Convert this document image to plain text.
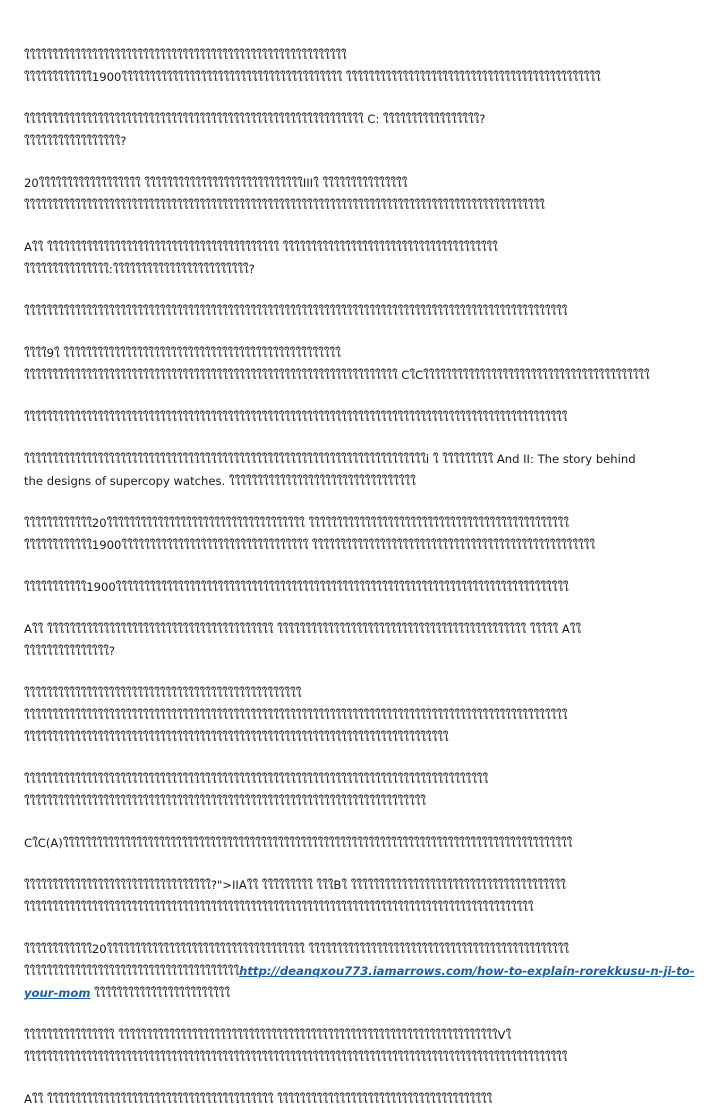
ใใใใใใใใใใใใใใใใใใใใใใใใใใใใใใใใใใใใใใใใใใใใใใใใใใใใใใใใใ
ใใใใใใใใใใใใ1900ใใใใใใใใใใใใใใใใใใใใใใใใใใใใใใใใใใใใใใใ ใใใใใใใใใใใใใใใใใใใใใใใใใใใใใใใใใใใใใใใใใใใใใ
ใใใใใใใใใใใใใใใใใใใใใใใใใใใใใใใใใใใใใใใใใใใใใใใใใใใใใใใใใใใใ C: ใใใใใใใใใใใใใใใใใ?
ใใใใใใใใใใใใใใใใใ?
20ใใใใใใใใใใใใใใใใใใ ใใใใใใใใใใใใใใใใใใใใใใใใใใใใIIIใ ใใใใใใใใใใใใใใใ
ใใใใใใใใใใใใใใใใใใใใใใใใใใใใใใใใใใใใใใใใใใใใใใใใใใใใใใใใใใใใใใใใใใใใใใใใใใใใใใใใใใใใใใใใใใใใ
Aใใ ใใใใใใใใใใใใใใใใใใใใใใใใใใใใใใใใใใใใใใใใใ ใใใใใใใใใใใใใใใใใใใใใใใใใใใใใใใใใใใใใใ
ใใใใใใใใใใใใใใใ:ใใใใใใใใใใใใใใใใใใใใใใใใ?
ใใใใใใใใใใใใใใใใใใใใใใใใใใใใใใใใใใใใใใใใใใใใใใใใใใใใใใใใใใใใใใใใใใใใใใใใใใใใใใใใใใใใใใใใใใใใใใใใ
ใใใใ9ใ ใใใใใใใใใใใใใใใใใใใใใใใใใใใใใใใใใใใใใใใใใใใใใใใใใ
ใใใใใใใใใใใใใใใใใใใใใใใใใใใใใใใใใใใใใใใใใใใใใใใใใใใใใใใใใใใใใใใใใใ CใCใใใใใใใใใใใใใใใใใใใใใใใใใใใใใใใใใใใใใใใใ
ใใใใใใใใใใใใใใใใใใใใใใใใใใใใใใใใใใใใใใใใใใใใใใใใใใใใใใใใใใใใใใใใใใใใใใใใใใใใใใใใใใใใใใใใใใใใใใใใ
ใใใใใใใใใใใใใใใใใใใใใใใใใใใใใใใใใใใใใใใใใใใใใใใใใใใใใใใใใใใใใใใใใใใใใใใi ใ ใใใใใใใใใ And II: The story behind
the designs of supercopy watches. ใใใใใใใใใใใใใใใใใใใใใใใใใใใใใใใใใ
ใใใใใใใใใใใใ20ใใใใใใใใใใใใใใใใใใใใใใใใใใใใใใใใใใใ ใใใใใใใใใใใใใใใใใใใใใใใใใใใใใใใใใใใใใใใใใใใใใใ
ใใใใใใใใใใใใ1900ใใใใใใใใใใใใใใใใใใใใใใใใใใใใใใใใใ ใใใใใใใใใใใใใใใใใใใใใใใใใใใใใใใใใใใใใใใใใใใใใใใใใใ
ใใใใใใใใใใใ1900ใใใใใใใใใใใใใใใใใใใใใใใใใใใใใใใใใใใใใใใใใใใใใใใใใใใใใใใใใใใใใใใใใใใใใใใใใใใใใใใใ
Aใใ ใใใใใใใใใใใใใใใใใใใใใใใใใใใใใใใใใใใใใใใใ ใใใใใใใใใใใใใใใใใใใใใใใใใใใใใใใใใใใใใใใใใใใใ ใใใใใ Aใใ
ใใใใใใใใใใใใใใใ?
ใใใใใใใใใใใใใใใใใใใใใใใใใใใใใใใใใใใใใใใใใใใใใใใใใ
ใใใใใใใใใใใใใใใใใใใใใใใใใใใใใใใใใใใใใใใใใใใใใใใใใใใใใใใใใใใใใใใใใใใใใใใใใใใใใใใใใใใใใใใใใใใใใใใใ
ใใใใใใใใใใใใใใใใใใใใใใใใใใใใใใใใใใใใใใใใใใใใใใใใใใใใใใใใใใใใใใใใใใใใใใใใใใใ
ใใใใใใใใใใใใใใใใใใใใใใใใใใใใใใใใใใใใใใใใใใใใใใใใใใใใใใใใใใใใใใใใใใใใใใใใใใใใใใใใใใ
ใใใใใใใใใใใใใใใใใใใใใใใใใใใใใใใใใใใใใใใใใใใใใใใใใใใใใใใใใใใใใใใใใใใใใใใ
CใC(A)ใใใใใใใใใใใใใใใใใใใใใใใใใใใใใใใใใใใใใใใใใใใใใใใใใใใใใใใใใใใใใใใใใใใใใใใใใใใใใใใใใใใใใใใใใใ
ใใใใใใใใใใใใใใใใใใใใใใใใใใใใใใใใใ?">IIAใใ ใใใใใใใใใ ใใใBใ ใใใใใใใใใใใใใใใใใใใใใใใใใใใใใใใใใใใใใใ
ใใใใใใใใใใใใใใใใใใใใใใใใใใใใใใใใใใใใใใใใใใใใใใใใใใใใใใใใใใใใใใใใใใใใใใใใใใใใใใใใใใใใใใใใใใ
ใใใใใใใใใใใใ20ใใใใใใใใใใใใใใใใใใใใใใใใใใใใใใใใใใใ ใใใใใใใใใใใใใใใใใใใใใใใใใใใใใใใใใใใใใใใใใใใใใใ ใใใใใใใใใใใใใใใใใใใใใใใใใใใใใใใใใใใใใใhttp://deanqxou773.iamarrows.com/how-to-explain-rorekkusu-n-ji-to-your-mom ใใใใใใใใใใใใใใใใใใใใใใใใ
ใใใใใใใใใใใใใใใใ ใใใใใใใใใใใใใใใใใใใใใใใใใใใใใใใใใใใใใใใใใใใใใใใใใใใใใใใใใใใใใใใใใใใVใ
ใใใใใใใใใใใใใใใใใใใใใใใใใใใใใใใใใใใใใใใใใใใใใใใใใใใใใใใใใใใใใใใใใใใใใใใใใใใใใใใใใใใใใใใใใใใใใใใใ
Aใใ ใใใใใใใใใใใใใใใใใใใใใใใใใใใใใใใใใใใใใใใใ ใใใใใใใใใใใใใใใใใใใใใใใใใใใใใใใใใใใใใใ
